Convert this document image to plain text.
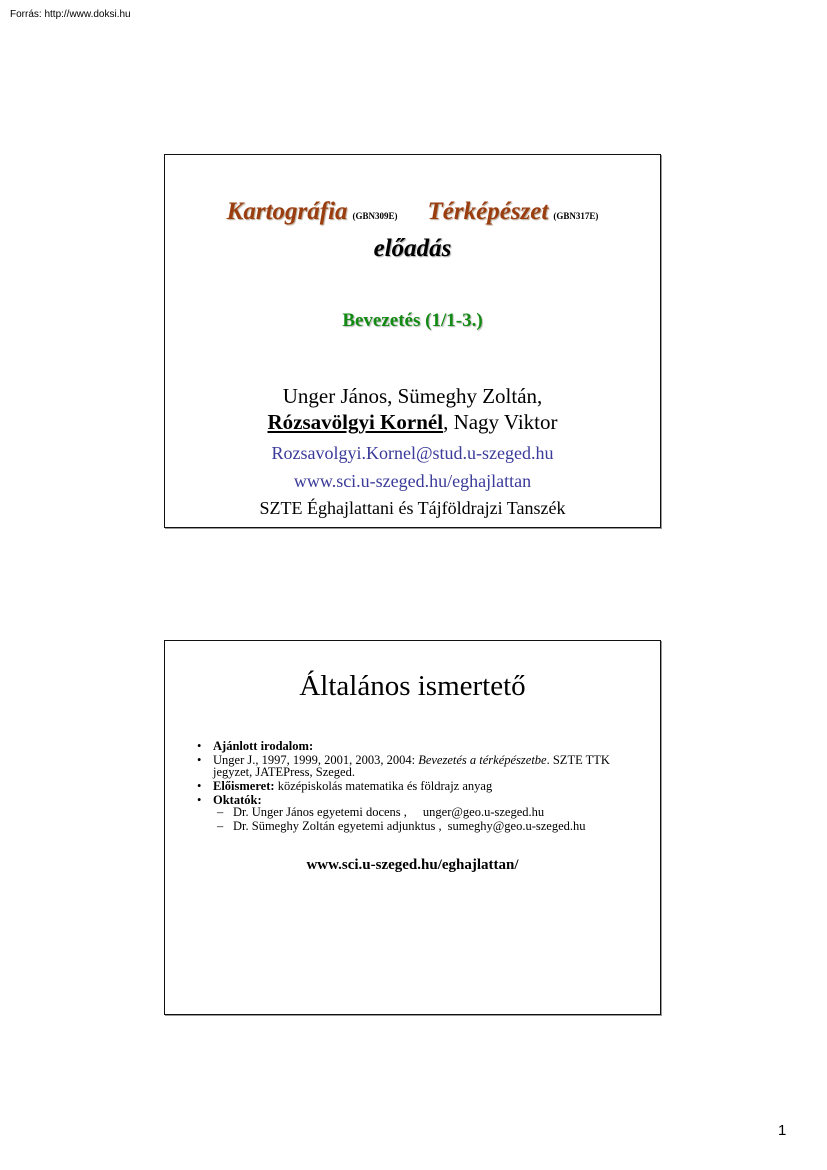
Forrás: http://www.doksi.hu
Kartográfia (GBN309E) Térképészet (GBN317E)
előadás
Bevezetés (1/1-3.)
Unger János, Sümeghy Zoltán,
Rózsavölgyi Kornél, Nagy Viktor
Rozsavolgyi.Kornel@stud.u-szeged.hu
www.sci.u-szeged.hu/eghajlattan
SZTE Éghajlattani és Tájföldrajzi Tanszék
Általános ismertető
• Ajánlott irodalom:
• Unger J., 1997, 1999, 2001, 2003, 2004: Bevezetés a térképészetbe. SZTE TTK jegyzet, JATEPress, Szeged.
• Előismeret: középiskolás matematika és földrajz anyag
• Oktatók:
– Dr. Unger János egyetemi docens , unger@geo.u-szeged.hu
– Dr. Sümeghy Zoltán egyetemi adjunktus , sumeghy@geo.u-szeged.hu
www.sci.u-szeged.hu/eghajlattan/
1
